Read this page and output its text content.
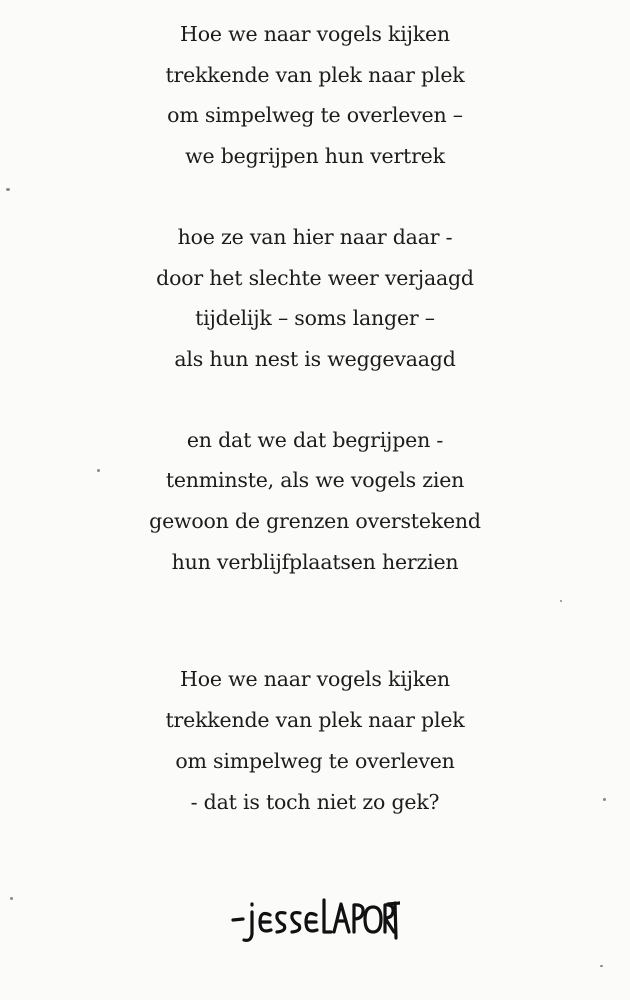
Hoe we naar vogels kijken
trekkende van plek naar plek
om simpelweg te overleven –
we begrijpen hun vertrek

hoe ze van hier naar daar -
door het slechte weer verjaagd
tijdelijk – soms langer –
als hun nest is weggevaagd

en dat we dat begrijpen -
tenminste, als we vogels zien
gewoon de grenzen overstekend
hun verblijfplaatsen herzien

Hoe we naar vogels kijken
trekkende van plek naar plek
om simpelweg te overleven
- dat is toch niet zo gek?
